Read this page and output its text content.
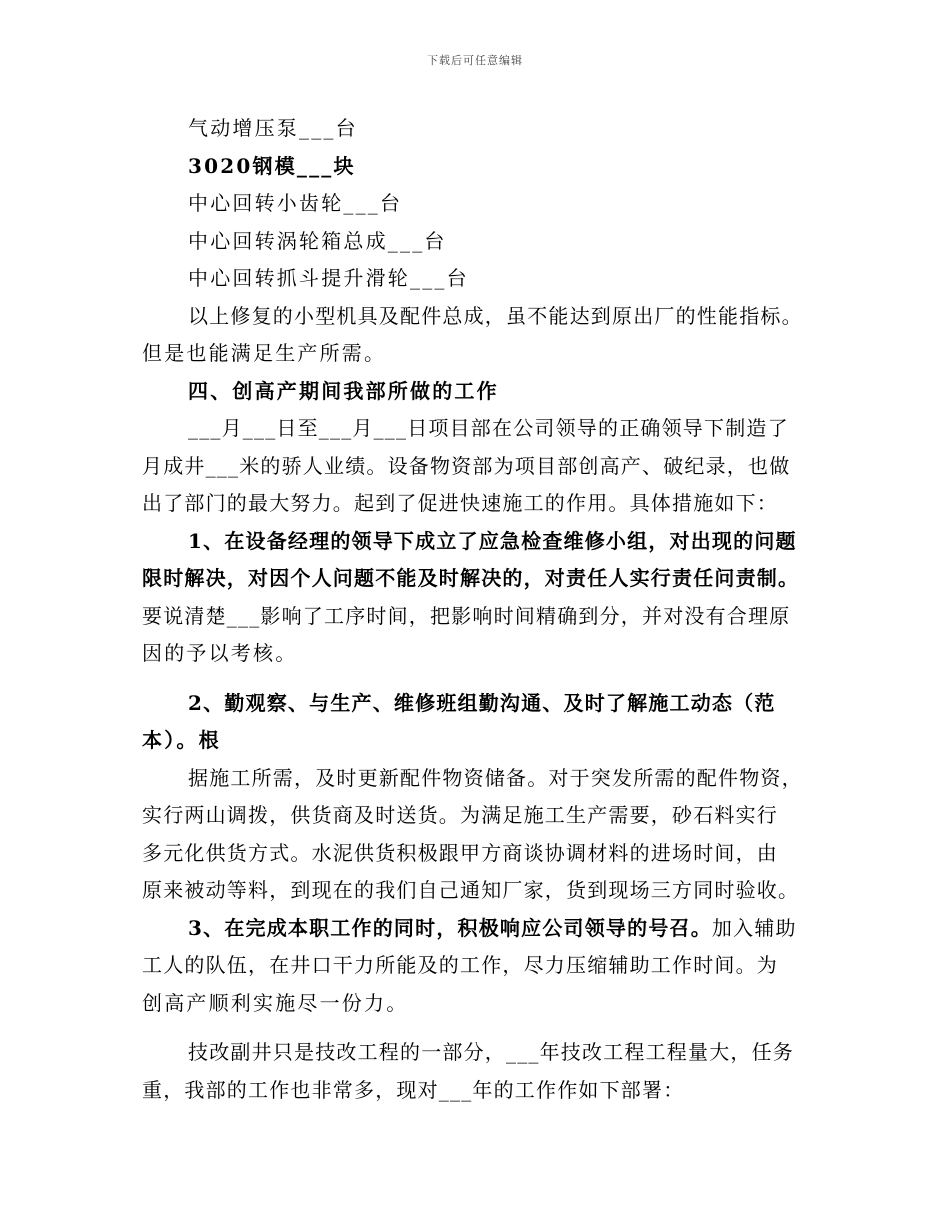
下载后可任意编辑
气动增压泵___台
3020钢模___块
中心回转小齿轮___台
中心回转涡轮箱总成___台
中心回转抓斗提升滑轮___台
以上修复的小型机具及配件总成，虽不能达到原出厂的性能指标。
但是也能满足生产所需。
四、创高产期间我部所做的工作
___月___日至___月___日项目部在公司领导的正确领导下制造了
月成井___米的骄人业绩。设备物资部为项目部创高产、破纪录，也做
出了部门的最大努力。起到了促进快速施工的作用。具体措施如下：
1、在设备经理的领导下成立了应急检查维修小组，对出现的问题
限时解决，对因个人问题不能及时解决的，对责任人实行责任问责制。
要说清楚___影响了工序时间，把影响时间精确到分，并对没有合理原
因的予以考核。
2、勤观察、与生产、维修班组勤沟通、及时了解施工动态（范
本）。根
据施工所需，及时更新配件物资储备。对于突发所需的配件物资，
实行两山调拨，供货商及时送货。为满足施工生产需要，砂石料实行
多元化供货方式。水泥供货积极跟甲方商谈协调材料的进场时间，由
原来被动等料，到现在的我们自己通知厂家，货到现场三方同时验收。
3、在完成本职工作的同时，积极响应公司领导的号召。加入辅助
工人的队伍，在井口干力所能及的工作，尽力压缩辅助工作时间。为
创高产顺利实施尽一份力。
技改副井只是技改工程的一部分，___年技改工程工程量大，任务
重，我部的工作也非常多，现对___年的工作作如下部署：
